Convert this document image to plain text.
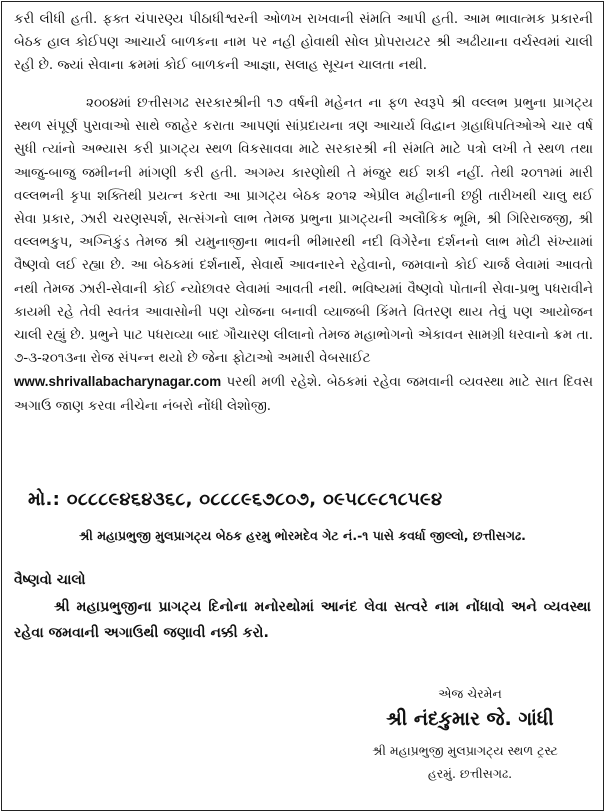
કરી લીધી હતી. ફક્ત ચંપારણ્ય પીઠાધીશ્વરની ઓળખ રાખવાની સંમતિ આપી હતી. આમ ભાવાત્મક પ્રકારની બેઠક હાલ કોઈપણ આચાર્ય બાળકના નામ પર નહી હોવાથી સોલ પ્રોપરાયટર શ્રી અઢીયાના વર્ચસ્વમાં ચાલી રહી છે. જ્યાં સેવાના ક્રમમાં કોઈ બાળકની આજ્ઞા, સલાહ સૂચન ચાલતા નથી.

૨૦૦૪માં છત્તીસગઢ સરકારશ્રીની ૧૭ વર્ષની મહેનત ના ફળ સ્વરૂપે શ્રી વલ્લભ પ્રભુના પ્રાગટ્ય સ્થળ સંપૂર્ણ પુરાવાઓ સાથે જાહેર કરાતા આપણાં સાંપ્રદાયના ત્રણ આચાર્ય વિદ્વાન ગ્રહાધિપતિઓએ ચાર વર્ષ સુધી ત્યાંનો અભ્યાસ કરી પ્રાગટ્ય સ્થળ વિકસાવવા માટે સરકારશ્રી ની સંમતિ માટે પત્રો લખી તે સ્થળ તથા આજુ-બાજુ જમીનની માંગણી કરી હતી. અગમ્ય કારણોથી તે મંજુર થઈ શકી નહીં. તેથી ૨૦૧૧માં મારી વલ્લભની કૃપા શક્તિથી પ્રયત્ન કરતા આ પ્રાગટ્ય બેઠક ૨૦૧૨ એપ્રીલ મહીનાની છઠ્ઠી તારીખથી ચાલુ થઈ સેવા પ્રકાર, ઝારી ચરણસ્પર્શ, સત્સંગનો લાભ તેમજ પ્રભુના પ્રાગટ્યની અલૌકિક ભૂમિ, શ્રી ગિરિરાજજી, શ્રી વલ્લભકુપ, અગ્નિકુંડ તેમજ શ્રી યમુનાજીના ભાવની ભીમારથી નદી વિગેરેના દર્શનનો લાભ મોટી સંખ્યામાં વૈષ્ણવો લઈ રહ્યા છે. આ બેઠકમાં દર્શનાર્થે, સેવાર્થે આવનારને રહેવાનો, જમવાનો કોઈ ચાર્જ લેવામાં આવતો નથી તેમજ ઝારી-સેવાની કોઈ ન્યોછાવર લેવામાં આવતી નથી. ભવિષ્યમાં વૈષ્ણવો પોતાની સેવા-પ્રભુ પધરાવીને કાયમી રહે તેવી સ્વતંત્ર આવાસોની પણ યોજના બનાવી વ્યાજબી કિંમતે વિતરણ થાય તેવું પણ આયોજન ચાલી રહ્યું છે. પ્રભુને પાટ પધરાવ્યા બાદ ગૌચારણ લીલાનો તેમજ મહાભોગનો એકાવન સામગ્રી ધરવાનો ક્રમ તા. ૭-૩-૨૦૧૩ના રોજ સંપન્ન થયો છે જેના ફોટાઓ અમારી વેબસાઈટ
www.shrivallabacharynagar.com પરથી મળી રહેશે. બેઠકમાં રહેવા જમવાની વ્યવસ્થા માટે સાત દિવસ અગાઉ જાણ કરવા નીચેના નંબરો નોંધી લેશોજી.

મો.: ૦૮૮૮૯૪૬૪૩૬૮, ૦૮૮૮૯૬૭૮૦૭, ૦૯૫૮૯૮૧૮૫૯૪
શ્રી મહાપ્રભુજી મુલપ્રાગટ્ય બેઠક હરમુ ભોરમદેવ ગેટ નં.-૧ પાસે કવર્ધા જીલ્લો, છત્તીસગઢ.
વૈષ્ણવો ચાલો

શ્રી મહાપ્રભુજીના પ્રાગટ્ય દિનોના મનોરથોમાં આનંદ લેવા સત્વરે નામ નોંધાવો અને વ્યવસ્થા રહેવા જમવાની અગાઉથી જણાવી નક્કી કરો.

એજ ચેરમેન
શ્રી નંદકુમાર જે. ગાંધી
શ્રી મહાપ્રભુજી મુલપ્રાગટ્ય સ્થળ ટ્રસ્ટ
હરમું. છત્તીસગઢ.
